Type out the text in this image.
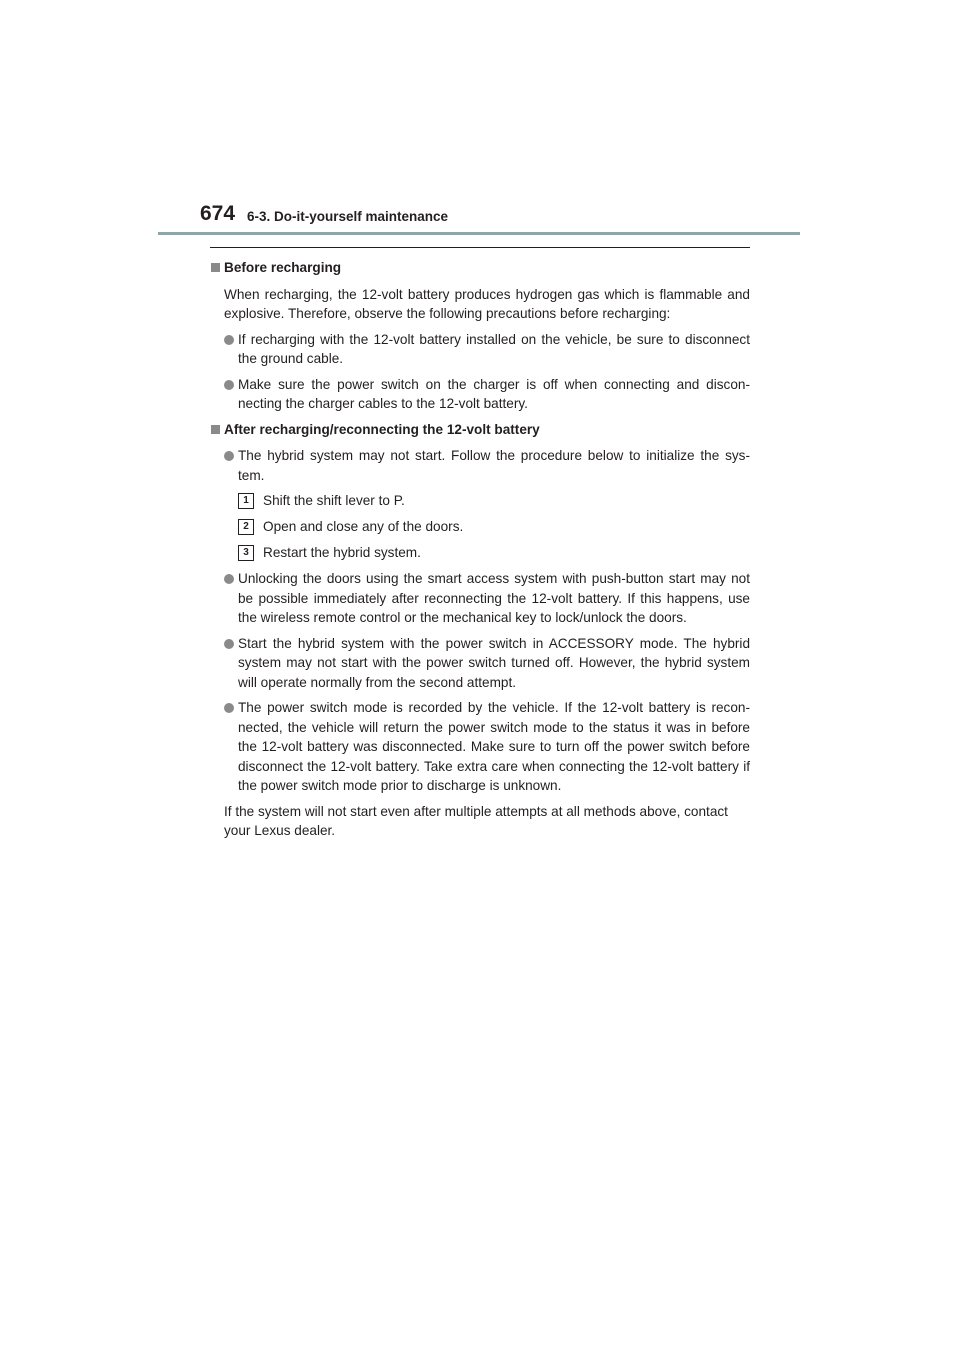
674 6-3. Do-it-yourself maintenance
Before recharging
When recharging, the 12-volt battery produces hydrogen gas which is flammable and explosive. Therefore, observe the following precautions before recharging:
If recharging with the 12-volt battery installed on the vehicle, be sure to disconnect the ground cable.
Make sure the power switch on the charger is off when connecting and discon-necting the charger cables to the 12-volt battery.
After recharging/reconnecting the 12-volt battery
The hybrid system may not start. Follow the procedure below to initialize the sys-tem.
1	Shift the shift lever to P.
2	Open and close any of the doors.
3	Restart the hybrid system.
Unlocking the doors using the smart access system with push-button start may not be possible immediately after reconnecting the 12-volt battery. If this happens, use the wireless remote control or the mechanical key to lock/unlock the doors.
Start the hybrid system with the power switch in ACCESSORY mode. The hybrid system may not start with the power switch turned off. However, the hybrid system will operate normally from the second attempt.
The power switch mode is recorded by the vehicle. If the 12-volt battery is recon-nected, the vehicle will return the power switch mode to the status it was in before the 12-volt battery was disconnected. Make sure to turn off the power switch before disconnect the 12-volt battery. Take extra care when connecting the 12-volt battery if the power switch mode prior to discharge is unknown.
If the system will not start even after multiple attempts at all methods above, contact your Lexus dealer.
